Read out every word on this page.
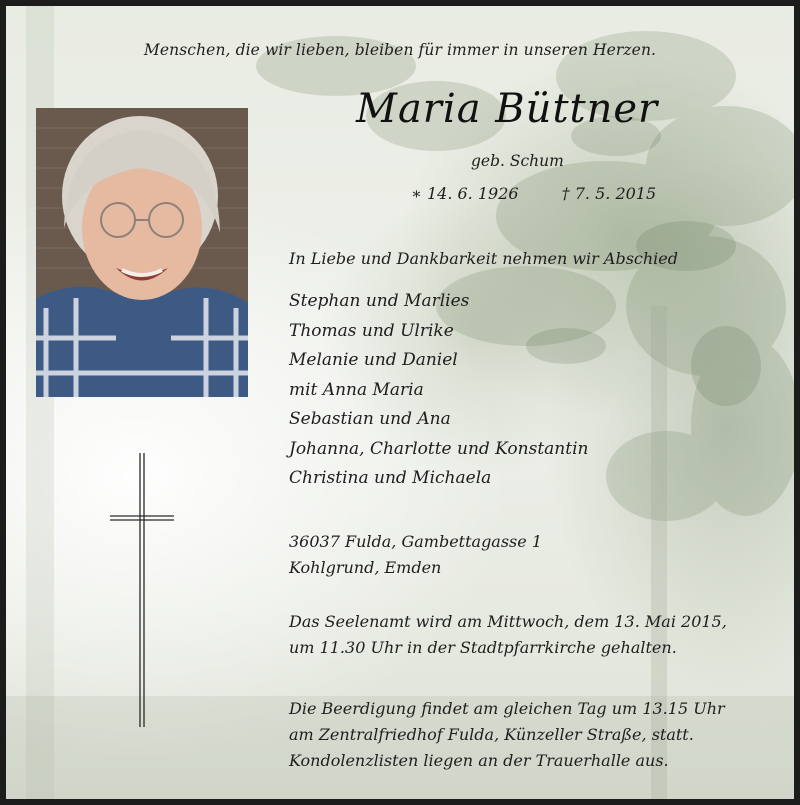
Menschen, die wir lieben, bleiben für immer in unseren Herzen.
Maria Büttner
geb. Schum
∗ 14. 6. 1926	† 7. 5. 2015
In Liebe und Dankbarkeit nehmen wir Abschied
Stephan und Marlies
Thomas und Ulrike
Melanie und Daniel
mit Anna Maria
Sebastian und Ana
Johanna, Charlotte und Konstantin
Christina und Michaela
36037 Fulda, Gambettagasse 1
Kohlgrund, Emden
Das Seelenamt wird am Mittwoch, dem 13. Mai 2015,
um 11.30 Uhr in der Stadtpfarrkirche gehalten.
Die Beerdigung findet am gleichen Tag um 13.15 Uhr
am Zentralfriedhof Fulda, Künzeller Straße, statt.
Kondolenzlisten liegen an der Trauerhalle aus.
